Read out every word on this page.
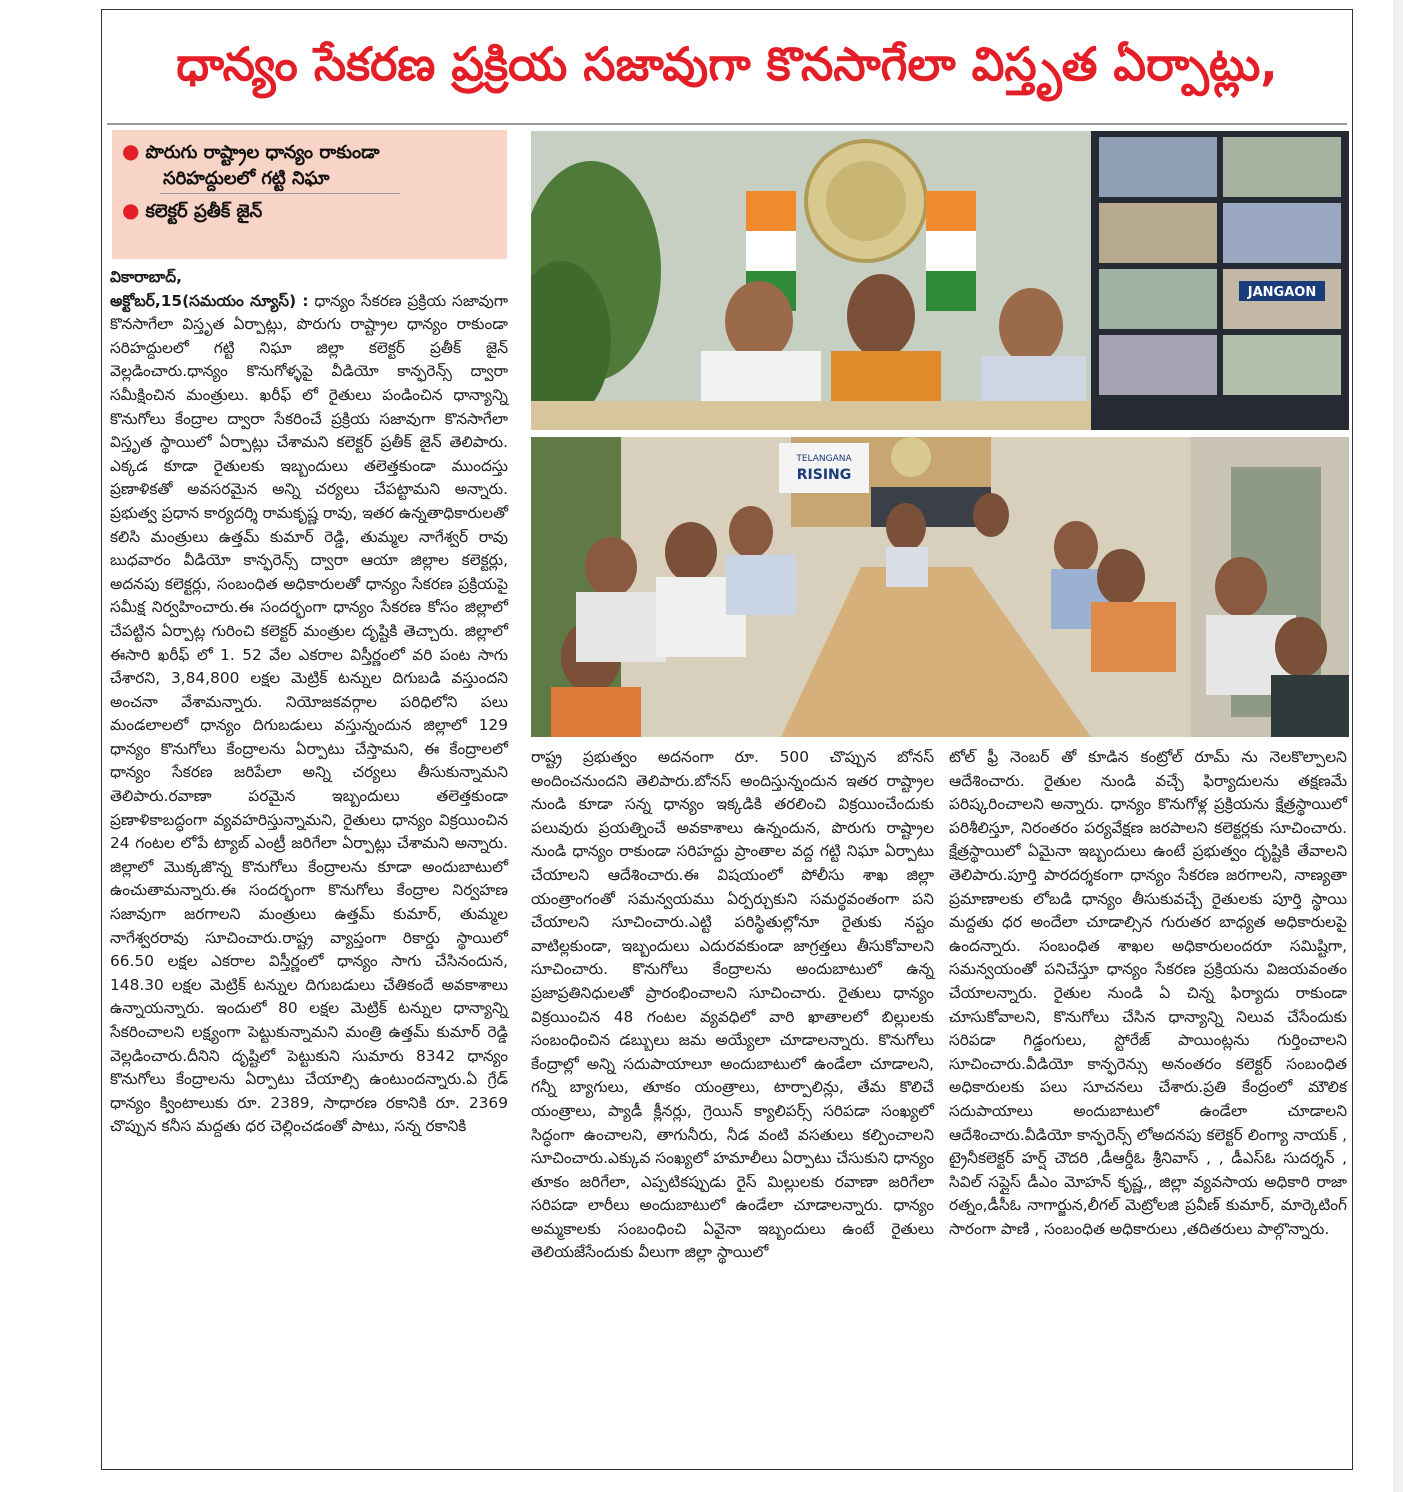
ధాన్యం సేకరణ ప్రక్రియ సజావుగా కొనసాగేలా విస్తృత ఏర్పాట్లు,
● పొరుగు రాష్ట్రాల ధాన్యం రాకుండా
సరిహద్దులలో గట్టి నిఘా
● కలెక్టర్ ప్రతీక్ జైన్

వికారాబాద్,

అక్టోబర్,15(సమయం న్యూస్) : ధాన్యం సేకరణ ప్రక్రియ సజావుగా కొనసాగేలా విస్తృత ఏర్పాట్లు, పొరుగు రాష్ట్రాల ధాన్యం రాకుండా సరిహద్దులలో గట్టి నిఘా జిల్లా కలెక్టర్ ప్రతీక్ జైన్ వెల్లడించారు.ధాన్యం కొనుగోళ్ళపై వీడియో కాన్ఫరెన్స్ ద్వారా సమీక్షించిన మంత్రులు. ఖరీఫ్ లో రైతులు పండించిన ధాన్యాన్ని కొనుగోలు కేంద్రాల ద్వారా సేకరించే ప్రక్రియ సజావుగా కొనసాగేలా విస్తృత స్థాయిలో ఏర్పాట్లు చేశామని కలెక్టర్ ప్రతీక్ జైన్ తెలిపారు. ఎక్కడ కూడా రైతులకు ఇబ్బందులు తలెత్తకుండా ముందస్తు ప్రణాళికతో అవసరమైన అన్ని చర్యలు చేపట్టామని అన్నారు. ప్రభుత్వ ప్రధాన కార్యదర్శి రామకృష్ణ రావు, ఇతర ఉన్నతాధికారులతో కలిసి మంత్రులు ఉత్తమ్ కుమార్ రెడ్డి, తుమ్మల నాగేశ్వర్ రావు బుధవారం వీడియో కాన్ఫరెన్స్ ద్వారా ఆయా జిల్లాల కలెక్టర్లు, అదనపు కలెక్టర్లు, సంబంధిత అధికారులతో ధాన్యం సేకరణ ప్రక్రియపై సమీక్ష నిర్వహించారు.ఈ సందర్భంగా ధాన్యం సేకరణ కోసం జిల్లాలో చేపట్టిన ఏర్పాట్ల గురించి కలెక్టర్ మంత్రుల దృష్టికి తెచ్చారు. జిల్లాలో ఈసారి ఖరీఫ్ లో 1. 52 వేల ఎకరాల విస్తీర్ణంలో వరి పంట సాగు చేశారని, 3,84,800 లక్షల మెట్రిక్ టన్నుల దిగుబడి వస్తుందని అంచనా వేశామన్నారు. నియోజకవర్గాల పరిధిలోని పలు మండలాలలో ధాన్యం దిగుబడులు వస్తున్నందున జిల్లాలో 129 ధాన్యం కొనుగోలు కేంద్రాలను ఏర్పాటు చేస్తామని, ఈ కేంద్రాలలో ధాన్యం సేకరణ జరిపేలా అన్ని చర్యలు తీసుకున్నామని తెలిపారు.రవాణా పరమైన ఇబ్బందులు తలెత్తకుండా ప్రణాళికాబద్ధంగా వ్యవహరిస్తున్నామని, రైతులు ధాన్యం విక్రయించిన 24 గంటల లోపే ట్యాబ్ ఎంట్రీ జరిగేలా ఏర్పాట్లు చేశామని అన్నారు. జిల్లాలో మొక్కజొన్న కొనుగోలు కేంద్రాలను కూడా అందుబాటులో ఉంచుతామన్నారు.ఈ సందర్భంగా కొనుగోలు కేంద్రాల నిర్వహణ సజావుగా జరగాలని మంత్రులు ఉత్తమ్ కుమార్, తుమ్మల నాగేశ్వరరావు సూచించారు.రాష్ట్ర వ్యాప్తంగా రికార్డు స్థాయిలో 66.50 లక్షల ఎకరాల విస్తీర్ణంలో ధాన్యం సాగు చేసినందున, 148.30 లక్షల మెట్రిక్ టన్నుల దిగుబడులు చేతికందే అవకాశాలు ఉన్నాయన్నారు. ఇందులో 80 లక్షల మెట్రిక్ టన్నుల ధాన్యాన్ని సేకరించాలని లక్ష్యంగా పెట్టుకున్నామని మంత్రి ఉత్తమ్ కుమార్ రెడ్డి వెల్లడించారు.దీనిని దృష్టిలో పెట్టుకుని సుమారు 8342 ధాన్యం కొనుగోలు కేంద్రాలను ఏర్పాటు చేయాల్సి ఉంటుందన్నారు.ఏ గ్రేడ్ ధాన్యం క్వింటాలుకు రూ. 2389, సాధారణ రకానికి రూ. 2369 చొప్పున కనీస మద్దతు ధర చెల్లించడంతో పాటు, సన్న రకానికి

JANGAON
TELANGANA
RISING

రాష్ట్ర ప్రభుత్వం అదనంగా రూ. 500 చొప్పున బోనస్ అందించనుందని తెలిపారు.బోనస్ అందిస్తున్నందున ఇతర రాష్ట్రాల నుండి కూడా సన్న ధాన్యం ఇక్కడికి తరలించి విక్రయించేందుకు పలువురు ప్రయత్నించే అవకాశాలు ఉన్నందున, పొరుగు రాష్ట్రాల నుండి ధాన్యం రాకుండా సరిహద్దు ప్రాంతాల వద్ద గట్టి నిఘా ఏర్పాటు చేయాలని ఆదేశించారు.ఈ విషయంలో పోలీసు శాఖ జిల్లా యంత్రాంగంతో సమన్వయము ఏర్పర్చుకుని సమర్థవంతంగా పని చేయాలని సూచించారు.ఎట్టి పరిస్థితుల్లోనూ రైతుకు నష్టం వాటిల్లకుండా, ఇబ్బందులు ఎదురవకుండా జాగ్రత్తలు తీసుకోవాలని సూచించారు. కొనుగోలు కేంద్రాలను అందుబాటులో ఉన్న ప్రజాప్రతినిధులతో ప్రారంభించాలని సూచించారు. రైతులు ధాన్యం విక్రయించిన 48 గంటల వ్యవధిలో వారి ఖాతాలలో బిల్లులకు సంబంధించిన డబ్బులు జమ అయ్యేలా చూడాలన్నారు. కొనుగోలు కేంద్రాల్లో అన్ని సదుపాయాలూ అందుబాటులో ఉండేలా చూడాలని, గన్నీ బ్యాగులు, తూకం యంత్రాలు, టార్పాలిన్లు, తేమ కొలిచే యంత్రాలు, ప్యాడీ క్లీనర్లు, గ్రెయిన్ క్యాలిపర్స్ సరిపడా సంఖ్యలో సిద్ధంగా ఉంచాలని, తాగునీరు, నీడ వంటి వసతులు కల్పించాలని సూచించారు.ఎక్కువ సంఖ్యలో హమాలీలు ఏర్పాటు చేసుకుని ధాన్యం తూకం జరిగేలా, ఎప్పటికప్పుడు రైస్ మిల్లులకు రవాణా జరిగేలా సరిపడా లారీలు అందుబాటులో ఉండేలా చూడాలన్నారు. ధాన్యం అమ్మకాలకు సంబంధించి ఏవైనా ఇబ్బందులు ఉంటే రైతులు తెలియజేసేందుకు వీలుగా జిల్లా స్థాయిలో

టోల్ ఫ్రీ నెంబర్ తో కూడిన కంట్రోల్ రూమ్ ను నెలకొల్పాలని ఆదేశించారు. రైతుల నుండి వచ్చే ఫిర్యాదులను తక్షణమే పరిష్కరించాలని అన్నారు. ధాన్యం కొనుగోళ్ల ప్రక్రియను క్షేత్రస్థాయిలో పరిశీలిస్తూ, నిరంతరం పర్యవేక్షణ జరపాలని కలెక్టర్లకు సూచించారు. క్షేత్రస్థాయిలో ఏమైనా ఇబ్బందులు ఉంటే ప్రభుత్వం దృష్టికి తేవాలని తెలిపారు.పూర్తి పారదర్శకంగా ధాన్యం సేకరణ జరగాలని, నాణ్యతా ప్రమాణాలకు లోబడి ధాన్యం తీసుకువచ్చే రైతులకు పూర్తి స్థాయి మద్దతు ధర అందేలా చూడాల్సిన గురుతర బాధ్యత అధికారులపై ఉందన్నారు. సంబంధిత శాఖల అధికారులందరూ సమిష్టిగా, సమన్వయంతో పనిచేస్తూ ధాన్యం సేకరణ ప్రక్రియను విజయవంతం చేయాలన్నారు. రైతుల నుండి ఏ చిన్న ఫిర్యాదు రాకుండా చూసుకోవాలని, కొనుగోలు చేసిన ధాన్యాన్ని నిలువ చేసేందుకు సరిపడా గిడ్డంగులు, స్టోరేజ్ పాయింట్లను గుర్తించాలని సూచించారు.వీడియో కాన్ఫరెన్సు అనంతరం కలెక్టర్ సంబంధిత అధికారులకు పలు సూచనలు చేశారు.ప్రతి కేంద్రంలో మౌలిక సదుపాయాలు అందుబాటులో ఉండేలా చూడాలని ఆదేశించారు.వీడియో కాన్ఫరెన్స్ లోఅదనపు కలెక్టర్ లింగ్యా నాయక్ , ట్రైనీకలెక్టర్ హర్ష్ చౌదరి ,డీఆర్డీఓ శ్రీనివాస్ , , డీఎస్ఓ సుదర్శన్ , సివిల్ సప్లైస్ డీఎం మోహన్ కృష్ణ,, జిల్లా వ్యవసాయ అధికారి రాజా రత్నం,డీసీఓ నాగార్జున,లీగల్ మెట్రోలజి ప్రవీణ్ కుమార్, మార్కెటింగ్ సారంగా పాణి , సంబంధిత అధికారులు ,తదితరులు పాల్గొన్నారు.
